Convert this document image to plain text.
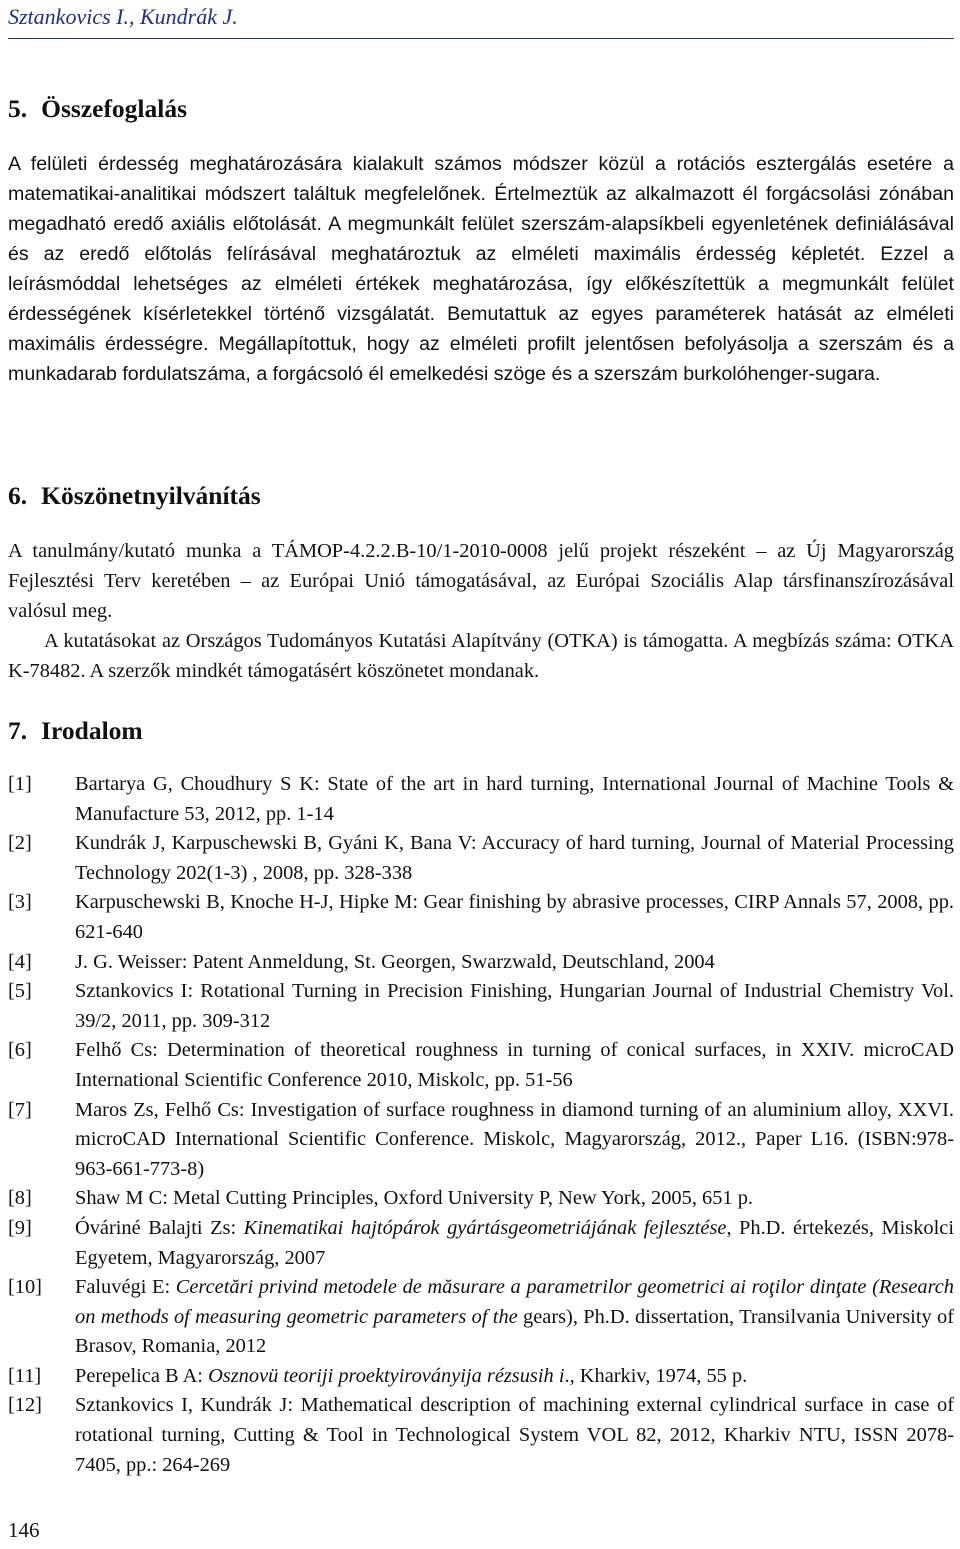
Sztankovics I., Kundrák J.
5. Összefoglalás

A felületi érdesség meghatározására kialakult számos módszer közül a rotációs esztergálás esetére a matematikai-analitikai módszert találtuk megfelelőnek. Értelmeztük az alkalmazott él forgácsolási zónában megadható eredő axiális előtolását. A megmunkált felület szerszám-alapsíkbeli egyenletének definiálásával és az eredő előtolás felírásával meghatároztuk az elméleti maximális érdesség képletét. Ezzel a leírásmóddal lehetséges az elméleti értékek meghatározása, így előkészítettük a megmunkált felület érdességének kísérletekkel történő vizsgálatát. Bemutattuk az egyes paraméterek hatását az elméleti maximális érdességre. Megállapítottuk, hogy az elméleti profilt jelentősen befolyásolja a szerszám és a munkadarab fordulatszáma, a forgácsoló él emelkedési szöge és a szerszám burkolóhenger-sugara.

6. Köszönetnyilvánítás

A tanulmány/kutató munka a TÁMOP-4.2.2.B-10/1-2010-0008 jelű projekt részeként – az Új Magyarország Fejlesztési Terv keretében – az Európai Unió támogatásával, az Európai Szociális Alap társfinanszírozásával valósul meg.

A kutatásokat az Országos Tudományos Kutatási Alapítvány (OTKA) is támogatta. A megbízás száma: OTKA K-78482. A szerzők mindkét támogatásért köszönetet mondanak.

7. Irodalom
[1]	Bartarya G, Choudhury S K: State of the art in hard turning, International Journal of Machine Tools & Manufacture 53, 2012, pp. 1-14
[2]	Kundrák J, Karpuschewski B, Gyáni K, Bana V: Accuracy of hard turning, Journal of Material Processing Technology 202(1-3) , 2008, pp. 328-338
[3]	Karpuschewski B, Knoche H-J, Hipke M: Gear finishing by abrasive processes, CIRP Annals 57, 2008, pp. 621-640
[4]	J. G. Weisser: Patent Anmeldung, St. Georgen, Swarzwald, Deutschland, 2004
[5]	Sztankovics I: Rotational Turning in Precision Finishing, Hungarian Journal of Industrial Chemistry Vol. 39/2, 2011, pp. 309-312
[6]	Felhő Cs: Determination of theoretical roughness in turning of conical surfaces, in XXIV. microCAD International Scientific Conference 2010, Miskolc, pp. 51-56
[7]	Maros Zs, Felhő Cs: Investigation of surface roughness in diamond turning of an aluminium alloy, XXVI. microCAD International Scientific Conference. Miskolc, Magyarország, 2012., Paper L16. (ISBN:978-963-661-773-8)
[8]	Shaw M C: Metal Cutting Principles, Oxford University P, New York, 2005, 651 p.
[9]	Óváriné Balajti Zs: Kinematikai hajtópárok gyártásgeometriájának fejlesztése, Ph.D. értekezés, Miskolci Egyetem, Magyarország, 2007
[10]	Faluvégi E: Cercetări privind metodele de măsurare a parametrilor geometrici ai roţilor dinţate (Research on methods of measuring geometric parameters of the gears), Ph.D. dissertation, Transilvania University of Brasov, Romania, 2012
[11]	Perepelica B A: Osznovü teoriji proektyiroványija rézsusih i., Kharkiv, 1974, 55 p.
[12]	Sztankovics I, Kundrák J: Mathematical description of machining external cylindrical surface in case of rotational turning, Cutting & Tool in Technological System VOL 82, 2012, Kharkiv NTU, ISSN 2078-7405, pp.: 264-269
146
